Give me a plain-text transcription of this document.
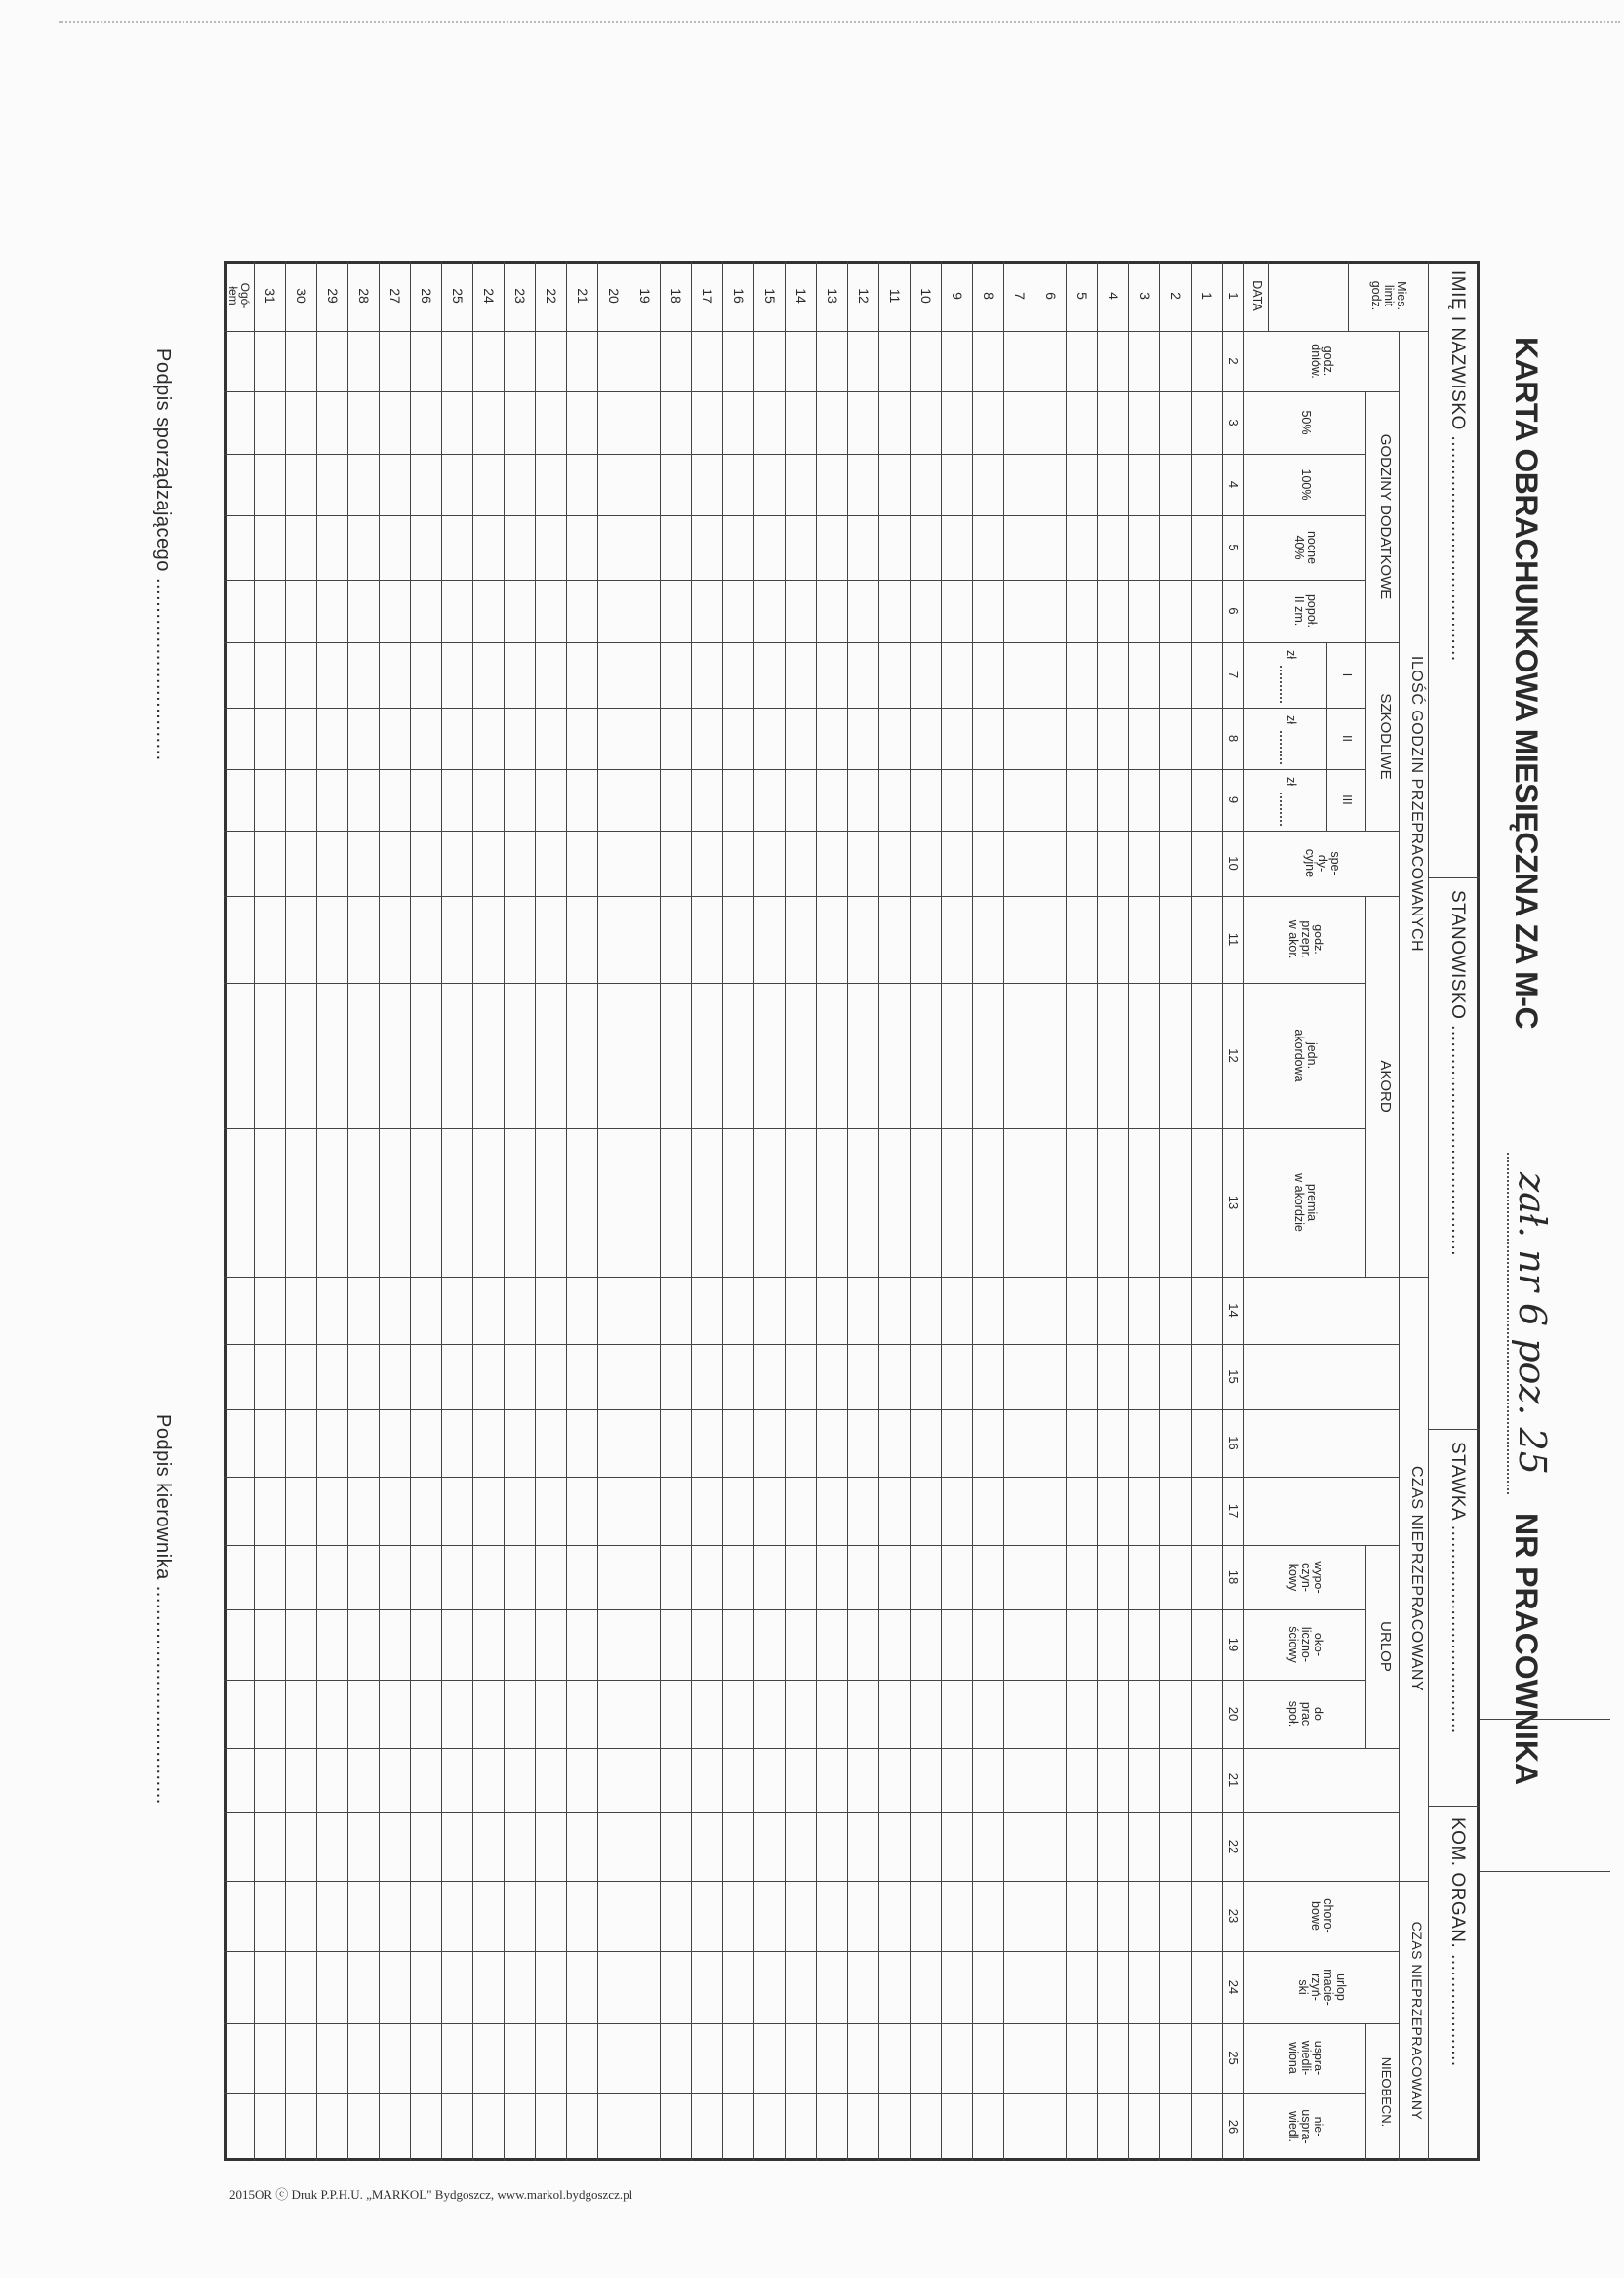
KARTA OBRACHUNKOWA MIESIĘCZNA ZA M-C
zał. nr 6 poz. 25
NR PRACOWNIKA
IMIĘ I NAZWISKO ........................................
STANOWISKO .........................................
STAWKA .....................................
KOM. ORGAN. ....................
ILOŚĆ GODZIN PRZEPRACOWANYCH
CZAS NIEPRZEPRACOWANY
CZAS NIEPRZEPRACOWANY
Mies.
limit
godz.
DATA
GODZINY DODATKOWE
SZKODLIWE
AKORD
URLOP
NIEOBECN.
godz.
dniów.
50%
100%
nocne
40%
popoł.
II zm.
I
II
III
zł
zł
zł
spe-
dy-
cyjne
godz.
przepr.
w akor.
jedn.
akordowa
premia
w akordzie
wypo-
czyn-
kowy
oko-
liczno-
ściowy
do
prac
społ.
choro-
bowe
urlop
macie-
rzyń-
ski
uspra-
wiedli-
wiona
nie-
uspra-
wiedl.
Podpis sporządzającego ...............................
Podpis kierownika .....................................
1
2
3
4
5
6
7
8
9
10
11
12
13
14
15
16
17
18
19
20
21
22
23
24
25
26
1
2
3
4
5
6
7
8
9
10
11
12
13
14
15
16
17
18
19
20
21
22
23
24
25
26
27
28
29
30
31
Ogó-
łem
2015OR ⓒ Druk P.P.H.U. „MARKOL" Bydgoszcz, www.markol.bydgoszcz.pl
